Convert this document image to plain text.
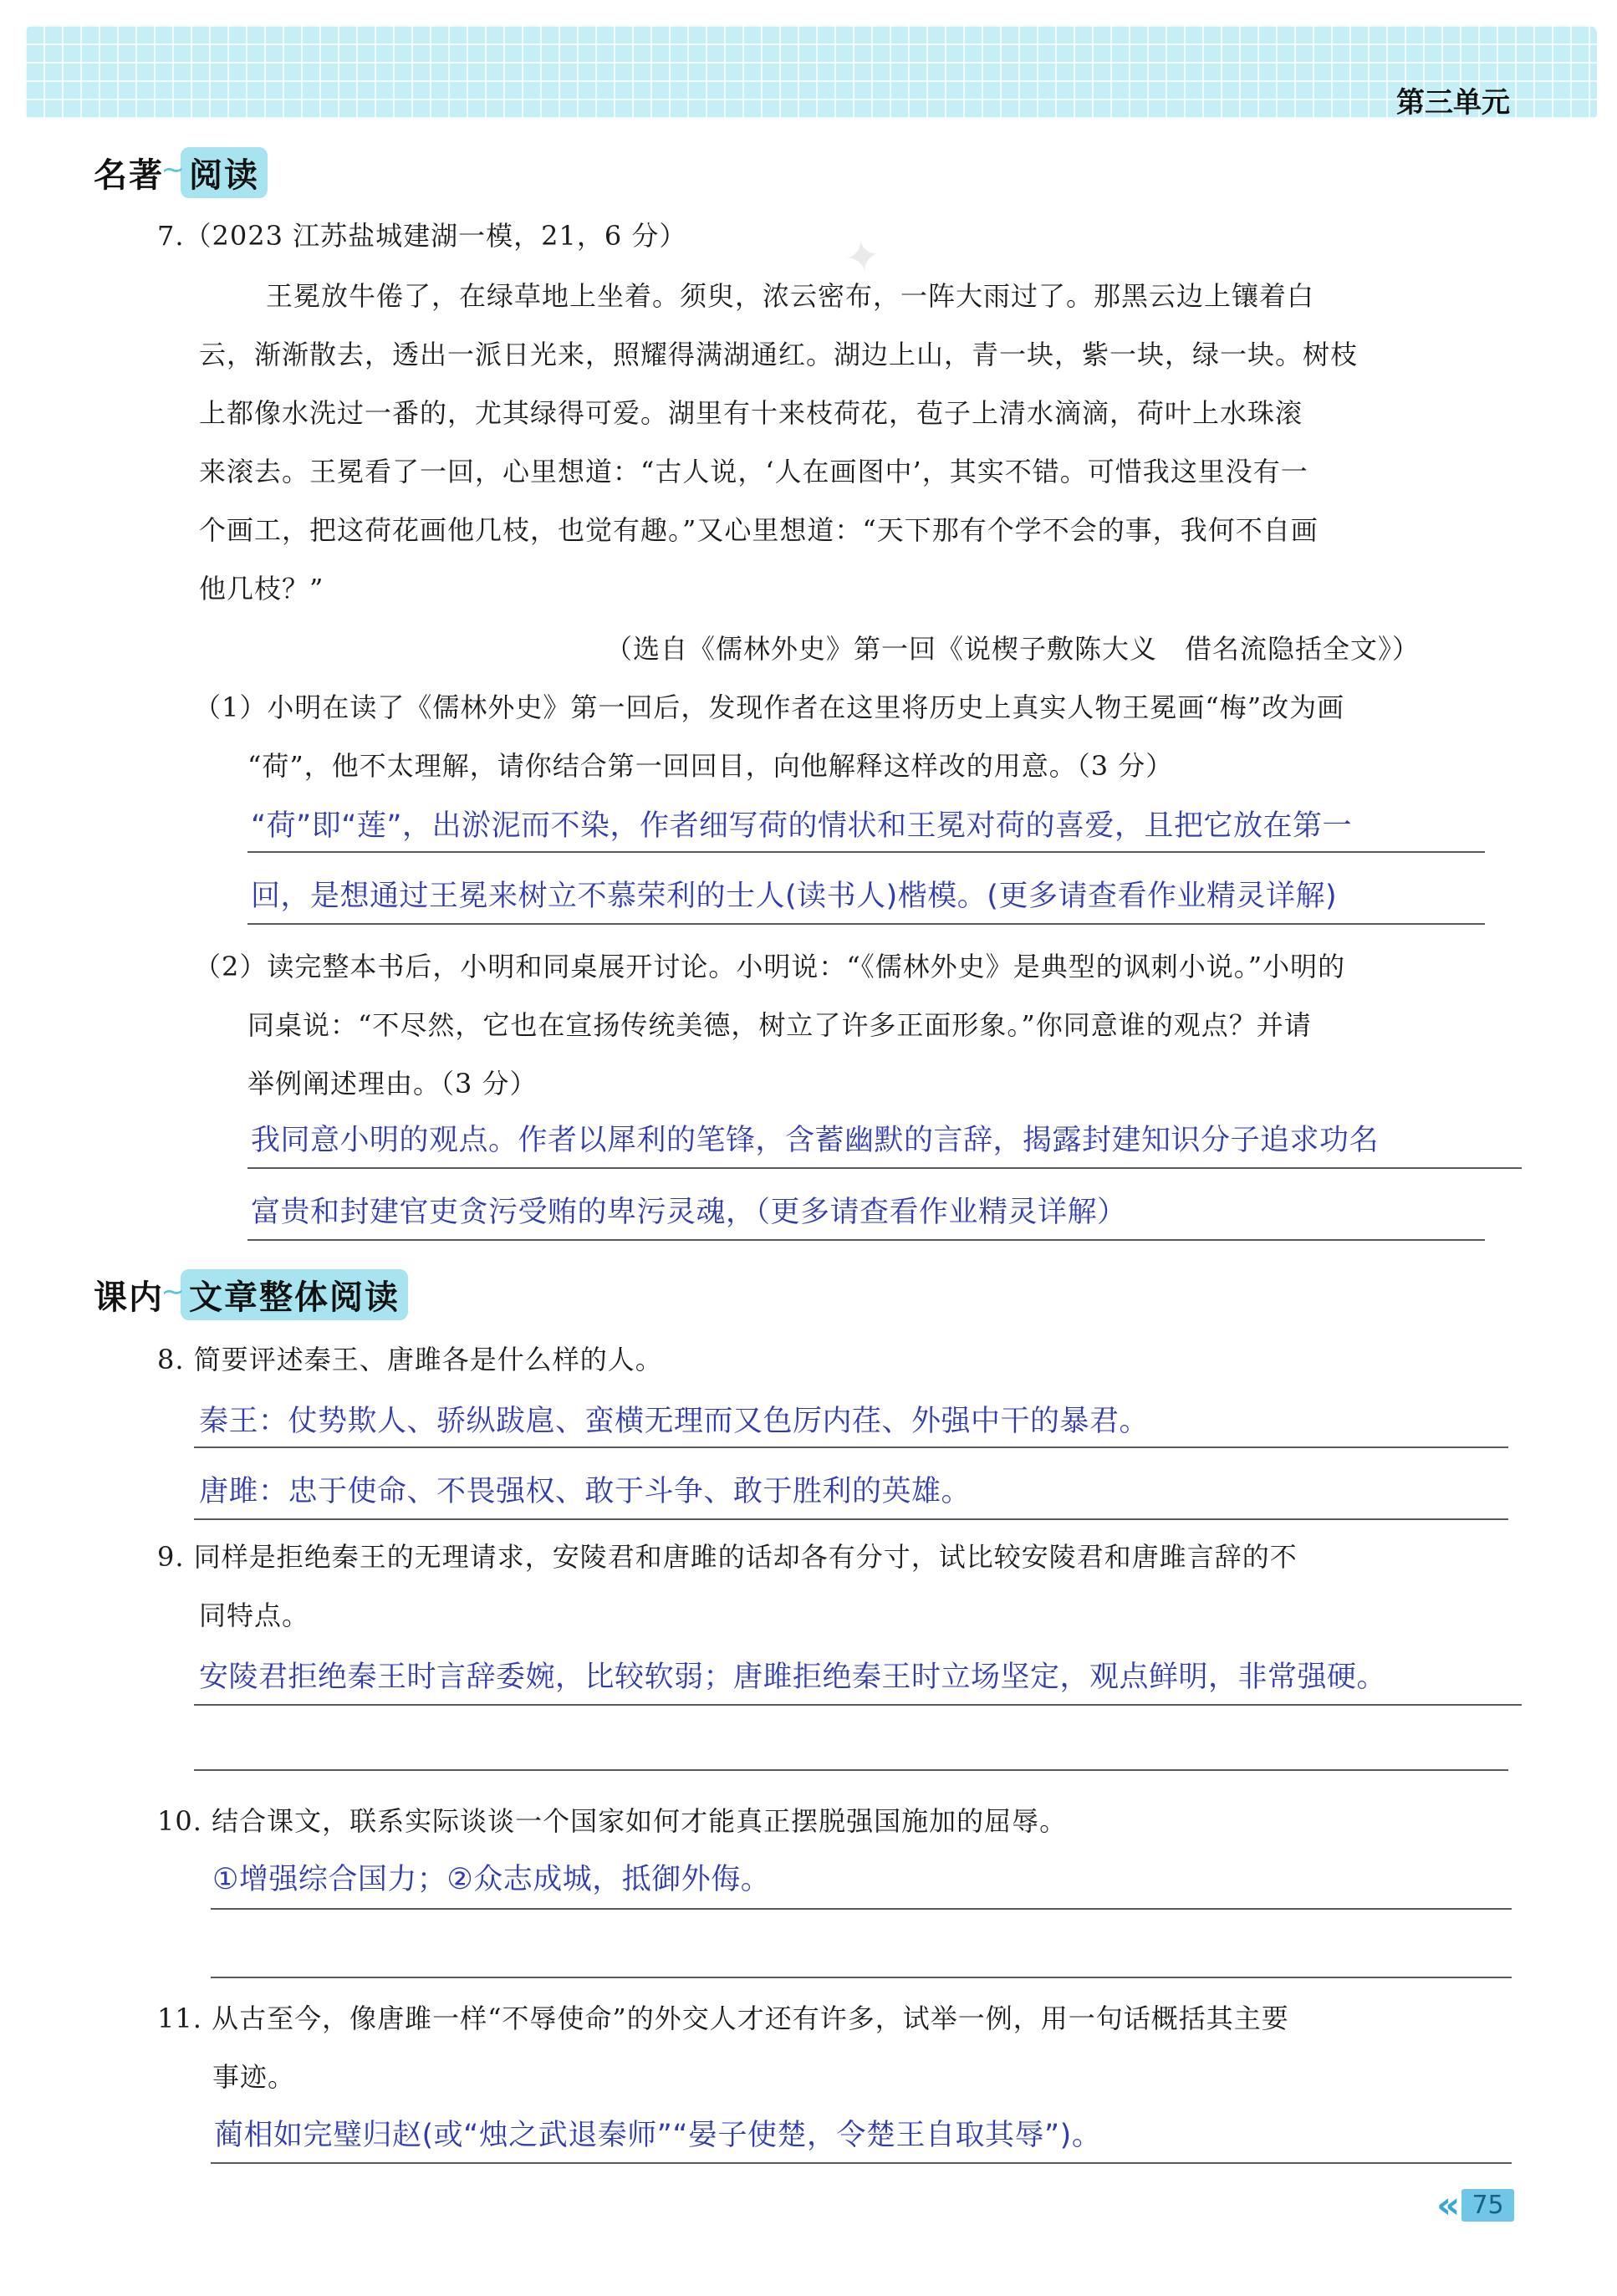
第三单元
名著
≀ 阅读
✦
7.（2023 江苏盐城建湖一模，21，6 分）
王冕放牛倦了，在绿草地上坐着。须臾，浓云密布，一阵大雨过了。那黑云边上镶着白
云，渐渐散去，透出一派日光来，照耀得满湖通红。湖边上山，青一块，紫一块，绿一块。树枝
上都像水洗过一番的，尤其绿得可爱。湖里有十来枝荷花，苞子上清水滴滴，荷叶上水珠滚
来滚去。王冕看了一回，心里想道：“古人说，‘人在画图中’，其实不错。可惜我这里没有一
个画工，把这荷花画他几枝，也觉有趣。”又心里想道：“天下那有个学不会的事，我何不自画
他几枝？”
（选自《儒林外史》第一回《说楔子敷陈大义　借名流隐括全文》）
（1）小明在读了《儒林外史》第一回后，发现作者在这里将历史上真实人物王冕画“梅”改为画
“荷”，他不太理解，请你结合第一回回目，向他解释这样改的用意。（3 分）
“荷”即“莲”，出淤泥而不染，作者细写荷的情状和王冕对荷的喜爱，且把它放在第一
回，是想通过王冕来树立不慕荣利的士人(读书人)楷模。(更多请查看作业精灵详解)
（2）读完整本书后，小明和同桌展开讨论。小明说：“《儒林外史》是典型的讽刺小说。”小明的
同桌说：“不尽然，它也在宣扬传统美德，树立了许多正面形象。”你同意谁的观点？并请
举例阐述理由。（3 分）
我同意小明的观点。作者以犀利的笔锋，含蓄幽默的言辞，揭露封建知识分子追求功名
富贵和封建官吏贪污受贿的卑污灵魂，（更多请查看作业精灵详解）
课内
≀ 文章整体阅读
8. 简要评述秦王、唐雎各是什么样的人。
秦王：仗势欺人、骄纵跋扈、蛮横无理而又色厉内荏、外强中干的暴君。
唐雎：忠于使命、不畏强权、敢于斗争、敢于胜利的英雄。
9. 同样是拒绝秦王的无理请求，安陵君和唐雎的话却各有分寸，试比较安陵君和唐雎言辞的不
同特点。
安陵君拒绝秦王时言辞委婉，比较软弱；唐雎拒绝秦王时立场坚定，观点鲜明，非常强硬。
10. 结合课文，联系实际谈谈一个国家如何才能真正摆脱强国施加的屈辱。
①增强综合国力；②众志成城，抵御外侮。
11. 从古至今，像唐雎一样“不辱使命”的外交人才还有许多，试举一例，用一句话概括其主要
事迹。
蔺相如完璧归赵(或“烛之武退秦师”“晏子使楚，令楚王自取其辱”)。
« 75
